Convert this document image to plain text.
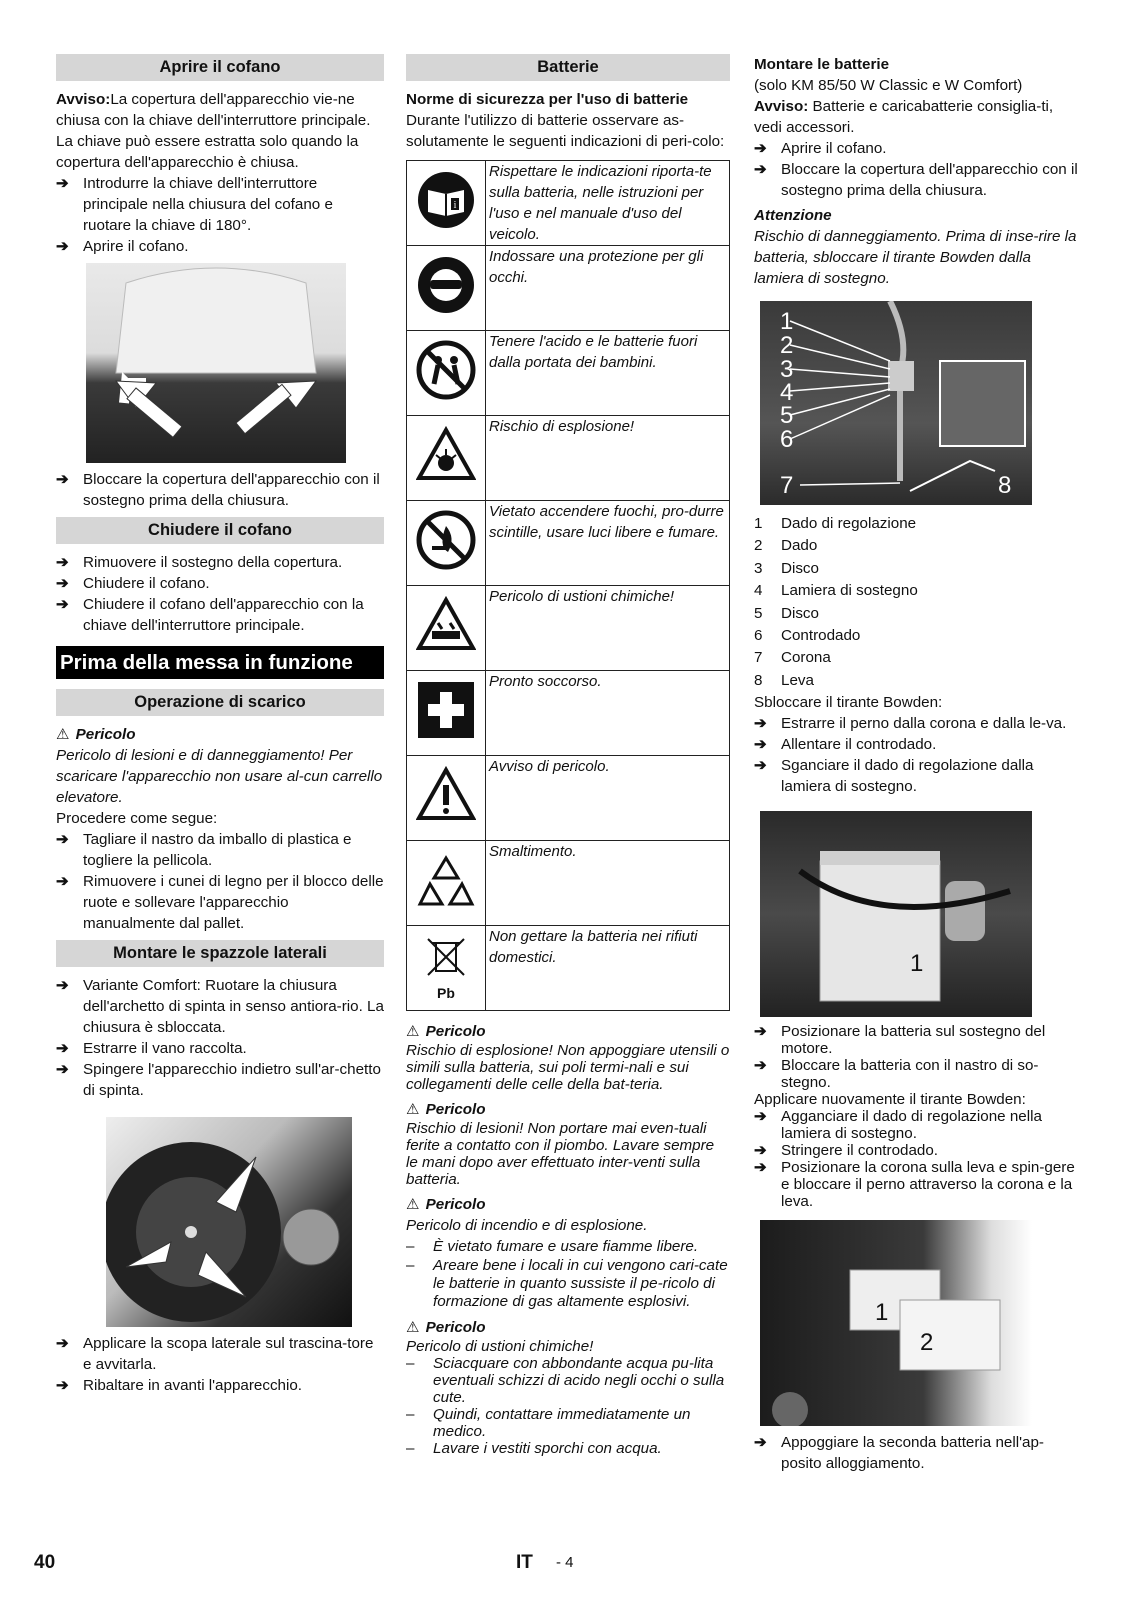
Aprire il cofano

Avviso:La copertura dell'apparecchio vie-ne chiusa con la chiave dell'interruttore principale. La chiave può essere estratta solo quando la copertura dell'apparecchio è chiusa.

➔ Introdurre la chiave dell'interruttore principale nella chiusura del cofano e ruotare la chiave di 180°.

➔ Aprire il cofano.

➔ Bloccare la copertura dell'apparecchio con il sostegno prima della chiusura.

Chiudere il cofano

➔ Rimuovere il sostegno della copertura.

➔ Chiudere il cofano.

➔ Chiudere il cofano dell'apparecchio con la chiave dell'interruttore principale.

Prima della messa in funzione
Operazione di scarico

⚠ Pericolo

Pericolo di lesioni e di danneggiamento! Per scaricare l'apparecchio non usare al-cun carrello elevatore.

Procedere come segue:

➔ Tagliare il nastro da imballo di plastica e togliere la pellicola.

➔ Rimuovere i cunei di legno per il blocco delle ruote e sollevare l'apparecchio manualmente dal pallet.

Montare le spazzole laterali

➔ Variante Comfort: Ruotare la chiusura dell'archetto di spinta in senso antiora-rio. La chiusura è sbloccata.

➔ Estrarre il vano raccolta.

➔ Spingere l'apparecchio indietro sull'ar-chetto di spinta.

➔ Applicare la scopa laterale sul trascina-tore e avvitarla.

➔ Ribaltare in avanti l'apparecchio.

Batterie

Norme di sicurezza per l'uso di batterie

Durante l'utilizzo di batterie osservare as-solutamente le seguenti indicazioni di peri-colo:

i	Rispettare le indicazioni riporta-te sulla batteria, nelle istruzioni per l'uso e nel manuale d'uso del veicolo.
	Indossare una protezione per gli occhi.
	Tenere l'acido e le batterie fuori dalla portata dei bambini.
	Rischio di esplosione!
	Vietato accendere fuochi, pro-durre scintille, usare luci libere e fumare.
	Pericolo di ustioni chimiche!
	Pronto soccorso.
	Avviso di pericolo.
	Smaltimento.

Pb	Non gettare la batteria nei rifiuti domestici.

⚠ Pericolo

Rischio di esplosione! Non appoggiare utensili o simili sulla batteria, sui poli termi-nali e sui collegamenti delle celle della bat-teria.

⚠ Pericolo

Rischio di lesioni! Non portare mai even-tuali ferite a contatto con il piombo. Lavare sempre le mani dopo aver effettuato inter-venti sulla batteria.

⚠ Pericolo

Pericolo di incendio e di esplosione.

– È vietato fumare e usare fiamme libere.

– Areare bene i locali in cui vengono cari-cate le batterie in quanto sussiste il pe-ricolo di formazione di gas altamente esplosivi.

⚠ Pericolo

Pericolo di ustioni chimiche!

– Sciacquare con abbondante acqua pu-lita eventuali schizzi di acido negli occhi o sulla cute.

– Quindi, contattare immediatamente un medico.

– Lavare i vestiti sporchi con acqua.

Montare le batterie

(solo KM 85/50 W Classic e W Comfort)

Avviso: Batterie e caricabatterie consiglia-ti, vedi accessori.

➔ Aprire il cofano.

➔ Bloccare la copertura dell'apparecchio con il sostegno prima della chiusura.

Attenzione

Rischio di danneggiamento. Prima di inse-rire la batteria, sbloccare il tirante Bowden dalla lamiera di sostegno.

1
2
3
4
5
6
7	8
1	Dado di regolazione
2	Dado
3	Disco
4	Lamiera di sostegno
5	Disco
6	Controdado
7	Corona
8	Leva

Sbloccare il tirante Bowden:

➔ Estrarre il perno dalla corona e dalla le-va.

➔ Allentare il controdado.

➔ Sganciare il dado di regolazione dalla lamiera di sostegno.

1

➔ Posizionare la batteria sul sostegno del motore.

➔ Bloccare la batteria con il nastro di so-stegno.

Applicare nuovamente il tirante Bowden:

➔ Agganciare il dado di regolazione nella lamiera di sostegno.

➔ Stringere il controdado.

➔ Posizionare la corona sulla leva e spin-gere e bloccare il perno attraverso la corona e la leva.

1
2

➔ Appoggiare la seconda batteria nell'ap-posito alloggiamento.

40	IT - 4
